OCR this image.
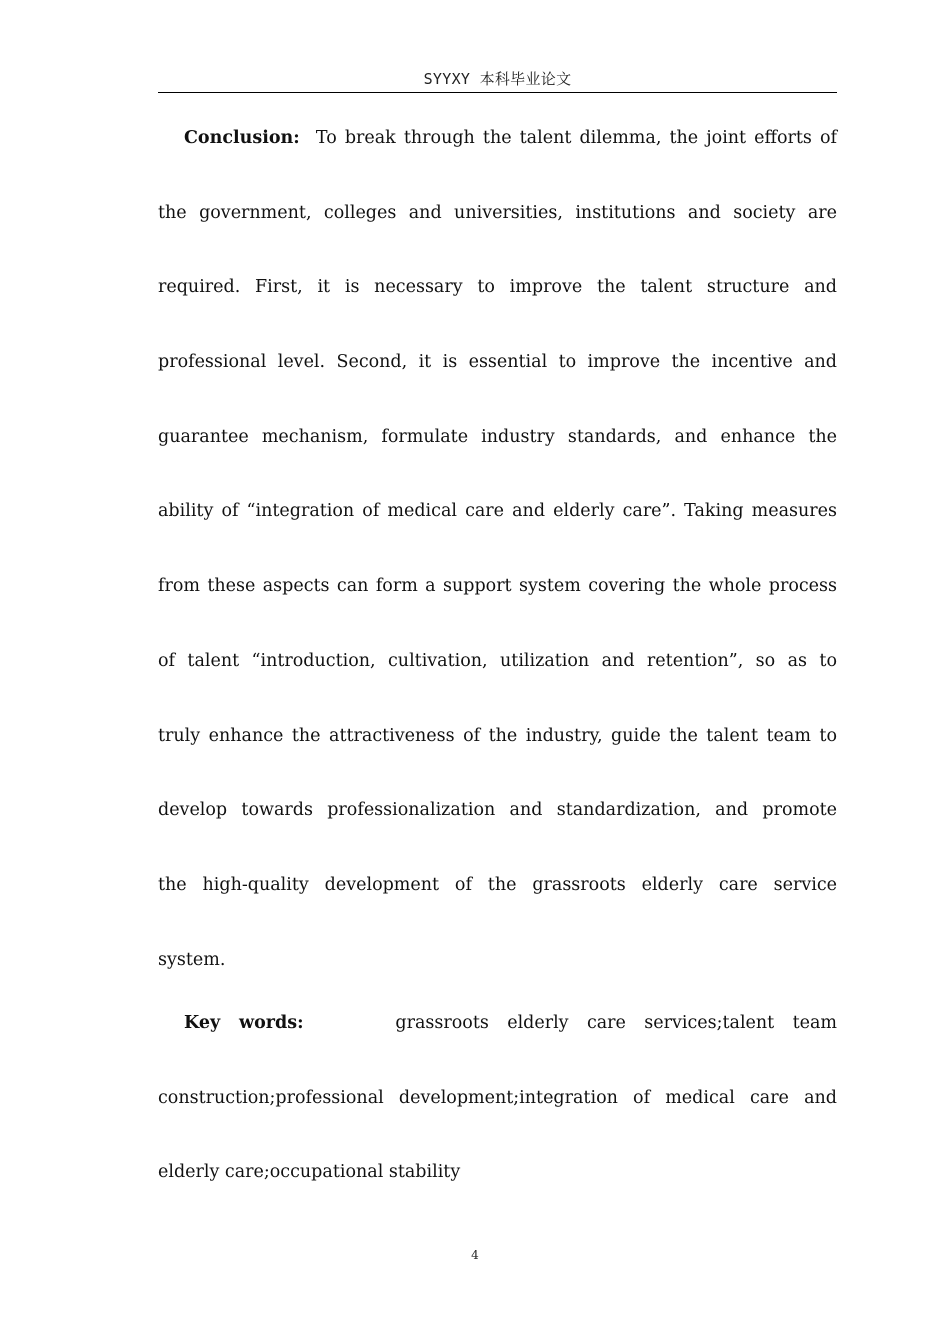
SYYXY 本科毕业论文
Conclusion: To break through the talent dilemma, the joint efforts of
the government, colleges and universities, institutions and society are
required. First, it is necessary to improve the talent structure and
professional level. Second, it is essential to improve the incentive and
guarantee mechanism, formulate industry standards, and enhance the
ability of “integration of medical care and elderly care”. Taking measures
from these aspects can form a support system covering the whole process
of talent “introduction, cultivation, utilization and retention”, so as to
truly enhance the attractiveness of the industry, guide the talent team to
develop towards professionalization and standardization, and promote
the high-quality development of the grassroots elderly care service
system.
Key words:	grassroots elderly care services;talent team
construction;professional development;integration of medical care and
elderly care;occupational stability
4
